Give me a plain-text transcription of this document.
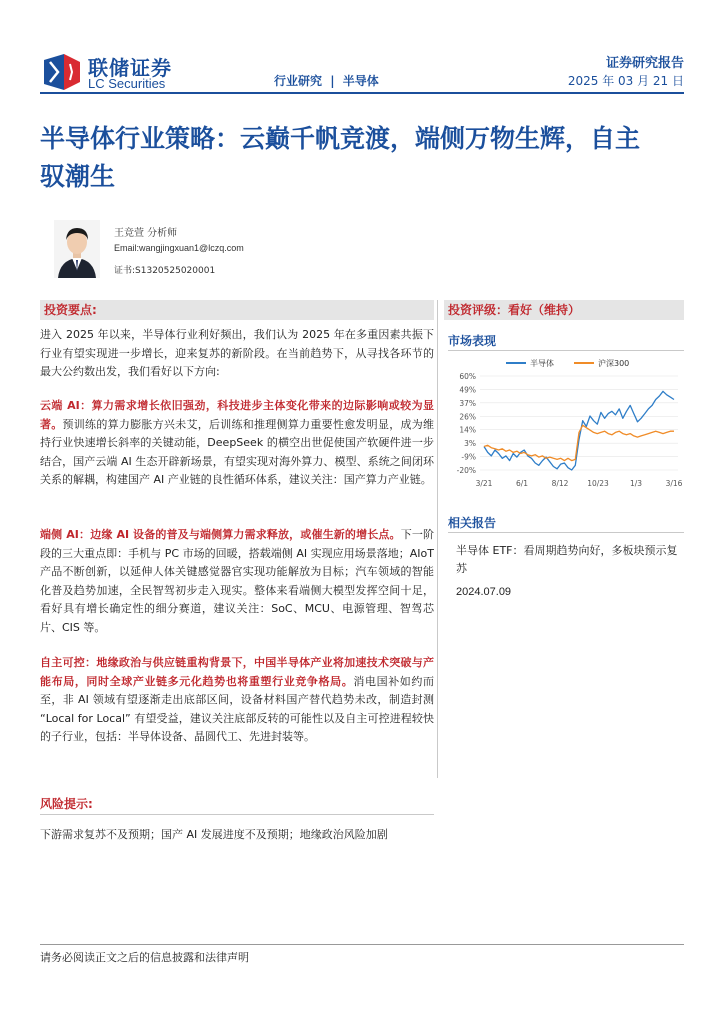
联储证券
LC Securities	行业研究 | 半导体
证券研究报告
2025 年 03 月 21 日
半导体行业策略：云巅千帆竞渡，端侧万物生辉，自主驭潮生
王竞萱 分析师
Email:wangjingxuan1@lczq.com
证书:S1320525020001
投资要点:
进入 2025 年以来，半导体行业利好频出，我们认为 2025 年在多重因素共振下行业有望实现进一步增长，迎来复苏的新阶段。在当前趋势下，从寻找各环节的最大公约数出发，我们看好以下方向:
云端 AI：算力需求增长依旧强劲，科技进步主体变化带来的边际影响或较为显著。预训练的算力膨胀方兴未艾，后训练和推理侧算力重要性愈发明显，成为维持行业快速增长斜率的关键动能，DeepSeek 的横空出世促使国产软硬件进一步结合，国产云端 AI 生态开辟新场景，有望实现对海外算力、模型、系统之间闭环关系的解耦，构建国产 AI 产业链的良性循环体系，建议关注：国产算力产业链。
端侧 AI：边缘 AI 设备的普及与端侧算力需求释放，或催生新的增长点。下一阶段的三大重点即：手机与 PC 市场的回暖，搭载端侧 AI 实现应用场景落地；AIoT 产品不断创新，以延伸人体关键感觉器官实现功能解放为目标；汽车领域的智能化普及趋势加速，全民智驾初步走入现实。整体来看端侧大模型发挥空间十足，看好具有增长确定性的细分赛道，建议关注：SoC、MCU、电源管理、智驾芯片、CIS 等。
自主可控：地缘政治与供应链重构背景下，中国半导体产业将加速技术突破与产能布局，同时全球产业链多元化趋势也将重塑行业竞争格局。消电国补如约而至，非 AI 领域有望逐渐走出底部区间，设备材料国产替代趋势未改，制造封测 “Local for Local” 有望受益，建议关注底部反转的可能性以及自主可控进程较快的子行业，包括：半导体设备、晶圆代工、先进封装等。
投资评级：看好（维持）
市场表现
半导体	沪深300
60%
49%
37%
26%
14%
3%
-9%
-20%
3/21	6/1	8/12	10/23	1/3	3/16
相关报告
半导体 ETF：看周期趋势向好，多板块预示复苏
2024.07.09
风险提示:
下游需求复苏不及预期；国产 AI 发展进度不及预期；地缘政治风险加剧
请务必阅读正文之后的信息披露和法律声明
